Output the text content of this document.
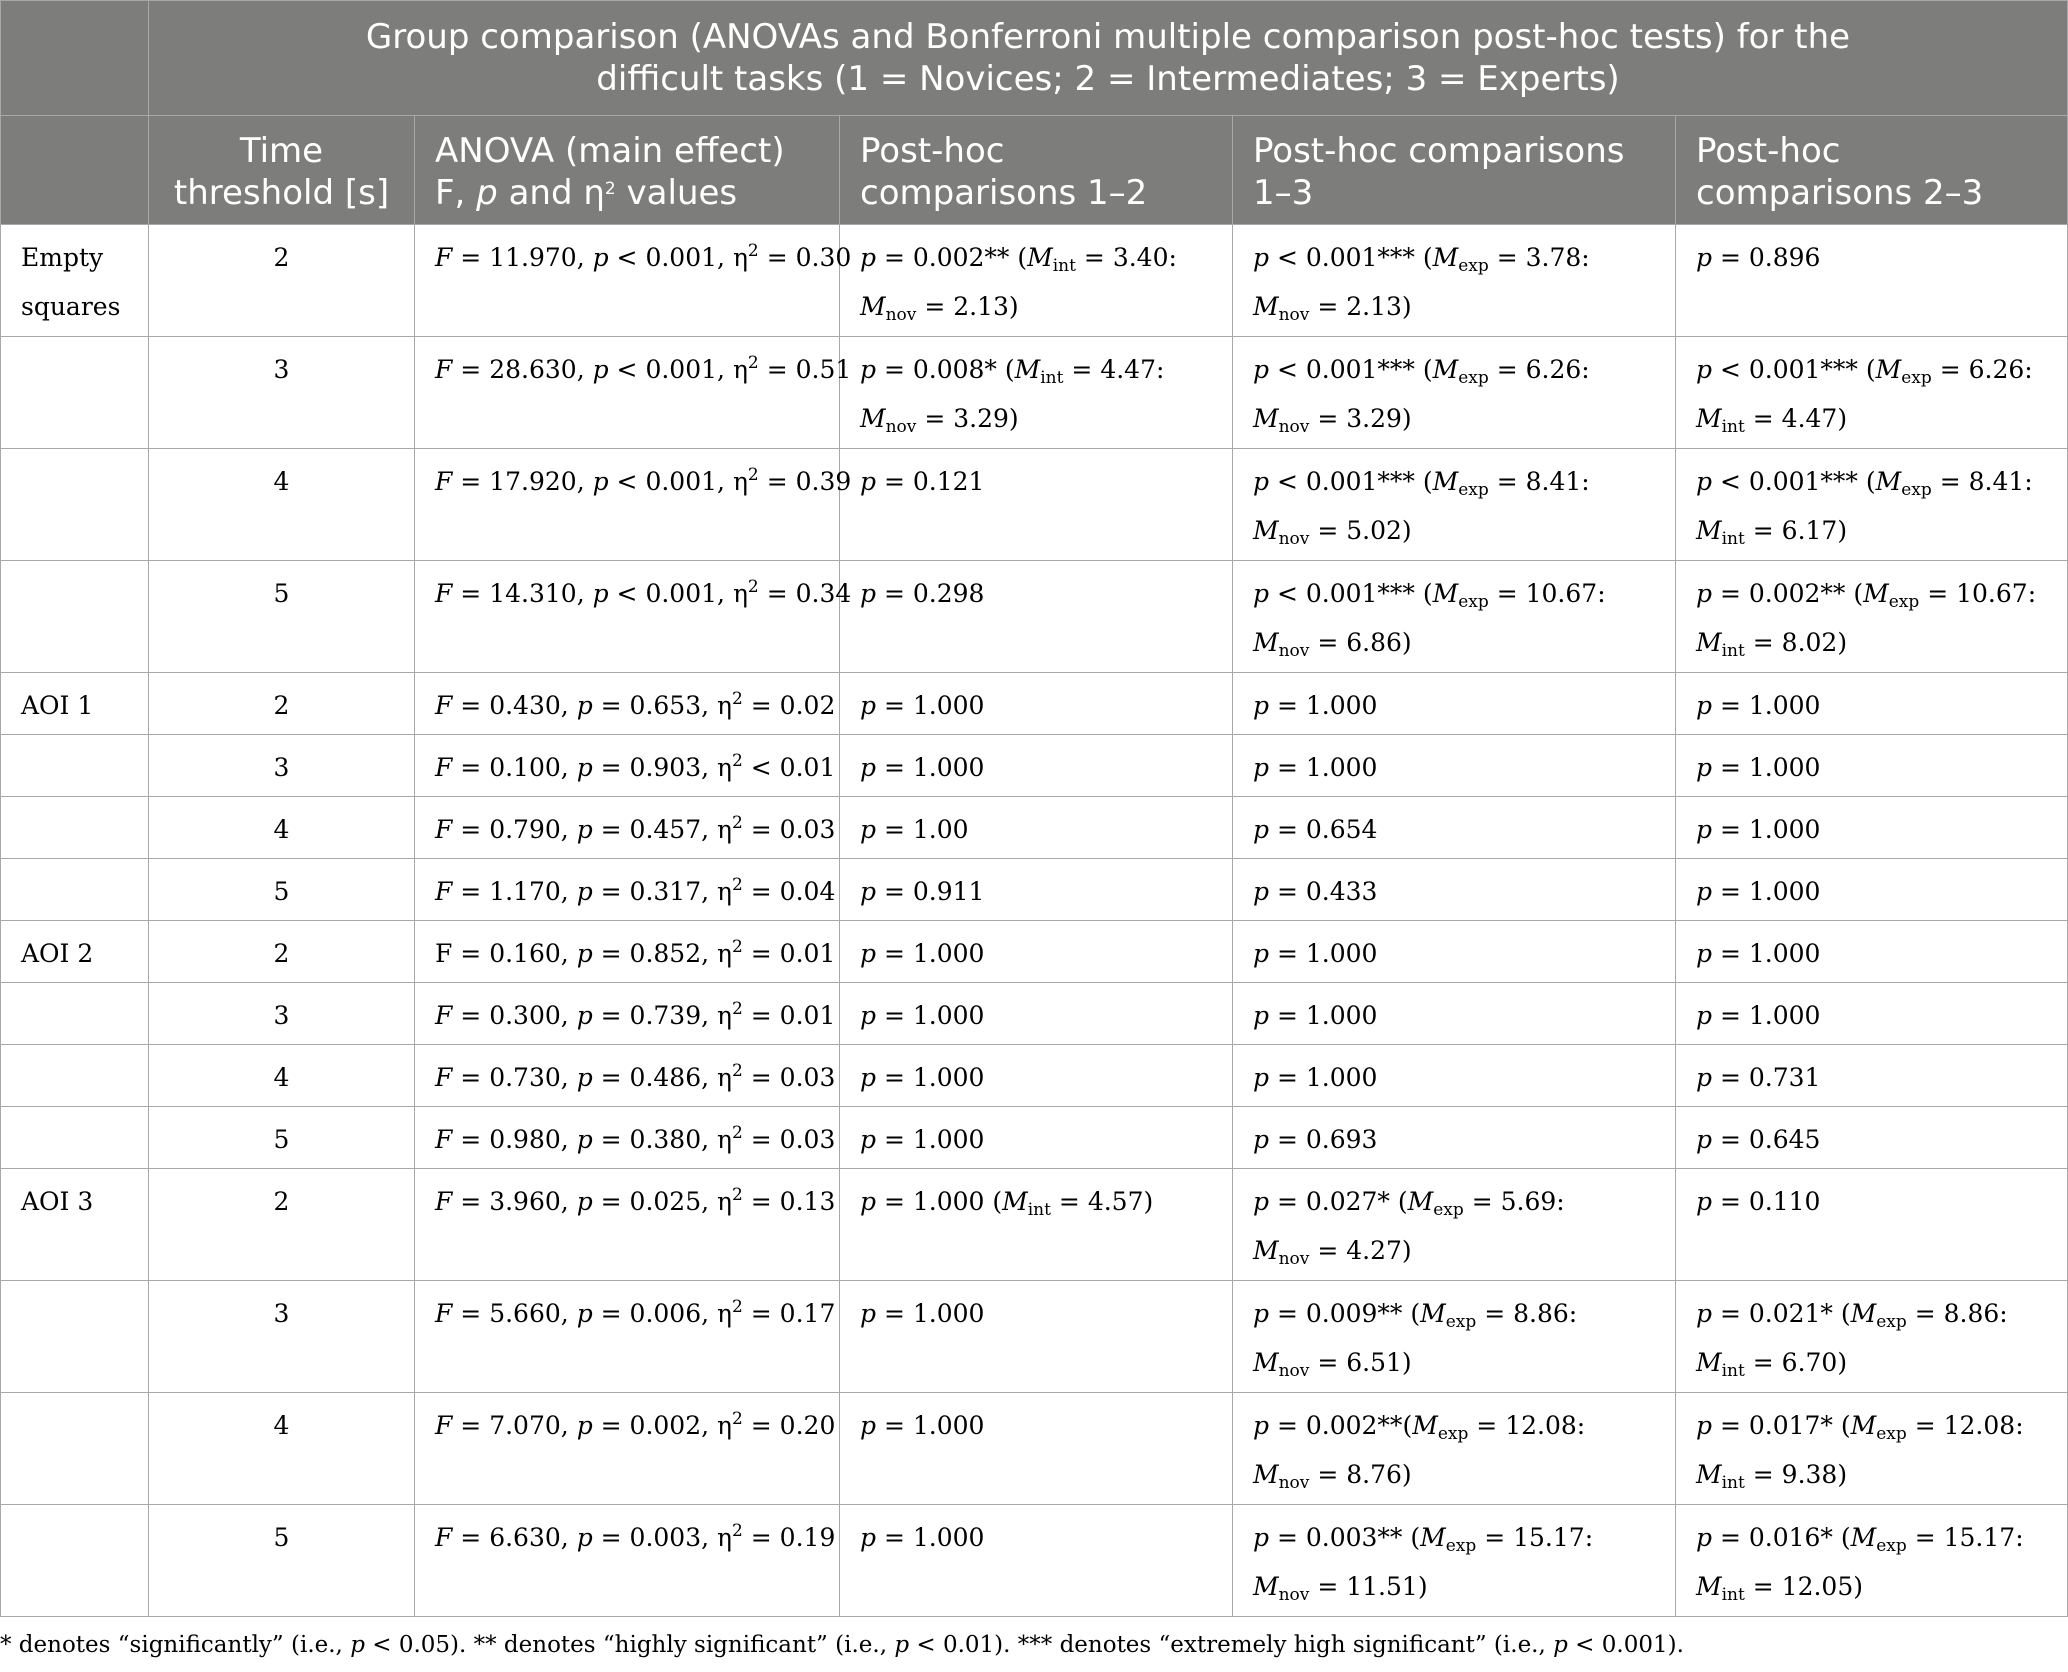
	Group comparison (ANOVAs and Bonferroni multiple comparison post-hoc tests) for the
difficult tasks (1 = Novices; 2 = Intermediates; 3 = Experts)				
	Time
threshold [s]	ANOVA (main effect)
F, p and $\eta^2$ values	Post-hoc
comparisons 1–2	Post-hoc comparisons
1–3	Post-hoc
comparisons 2–3
Empty
squares	2	F = 11.970, p < 0.001, $\eta^2 = 0.30$	p = 0.002** ($M_{int} = 3.40$:
$M_{nov} = 2.13$)	p < 0.001*** ($M_{exp} = 3.78$:
$M_{nov} = 2.13$)	p = 0.896
	3	F = 28.630, p < 0.001, $\eta^2 = 0.51$	p = 0.008* ($M_{int} = 4.47$:
$M_{nov} = 3.29$)	p < 0.001*** ($M_{exp} = 6.26$:
$M_{nov} = 3.29$)	p < 0.001*** ($M_{exp} = 6.26$:
$M_{int} = 4.47$)
	4	F = 17.920, p < 0.001, $\eta^2 = 0.39$	p = 0.121	p < 0.001*** ($M_{exp} = 8.41$:
$M_{nov} = 5.02$)	p < 0.001*** ($M_{exp} = 8.41$:
$M_{int} = 6.17$)
	5	F = 14.310, p < 0.001, $\eta^2 = 0.34$	p = 0.298	p < 0.001*** ($M_{exp} = 10.67$:
$M_{nov} = 6.86$)	p = 0.002** ($M_{exp} = 10.67$:
$M_{int} = 8.02$)
AOI 1	2	F = 0.430, p = 0.653, $\eta^2 = 0.02$	p = 1.000	p = 1.000	p = 1.000
	3	F = 0.100, p = 0.903, $\eta^2 < 0.01$	p = 1.000	p = 1.000	p = 1.000
	4	F = 0.790, p = 0.457, $\eta^2 = 0.03$	p = 1.00	p = 0.654	p = 1.000
	5	F = 1.170, p = 0.317, $\eta^2 = 0.04$	p = 0.911	p = 0.433	p = 1.000
AOI 2	2	F = 0.160, p = 0.852, $\eta^2 = 0.01$	p = 1.000	p = 1.000	p = 1.000
	3	F = 0.300, p = 0.739, $\eta^2 = 0.01$	p = 1.000	p = 1.000	p = 1.000
	4	F = 0.730, p = 0.486, $\eta^2 = 0.03$	p = 1.000	p = 1.000	p = 0.731
	5	F = 0.980, p = 0.380, $\eta^2 = 0.03$	p = 1.000	p = 0.693	p = 0.645
AOI 3	2	F = 3.960, p = 0.025, $\eta^2 = 0.13$	p = 1.000 $(M_{int} = 4.57)$	p = 0.027* ($M_{exp} = 5.69$:
$M_{nov} = 4.27$)	p = 0.110
	3	F = 5.660, p = 0.006, $\eta^2 = 0.17$	p = 1.000	p = 0.009** ($M_{exp} = 8.86$:
$M_{nov} = 6.51$)	p = 0.021* ($M_{exp} = 8.86$:
$M_{int} = 6.70$)
	4	F = 7.070, p = 0.002, $\eta^2 = 0.20$	p = 1.000	$p = 0.002**(M_{exp} = 12.08$:
$M_{nov} = 8.76$)	p = 0.017* ($M_{exp} = 12.08$:
$M_{int} = 9.38$)
	5	F = 6.630, p = 0.003, $\eta^2 = 0.19$	p = 1.000	p = 0.003** ($M_{exp} = 15.17$:
$M_{nov} = 11.51$)	p = 0.016* ($M_{exp} = 15.17$:
$M_{int} = 12.05$)
* denotes “significantly” (i.e., p < 0.05). ** denotes “highly significant” (i.e., p < 0.01). *** denotes “extremely high significant” (i.e., p < 0.001).
